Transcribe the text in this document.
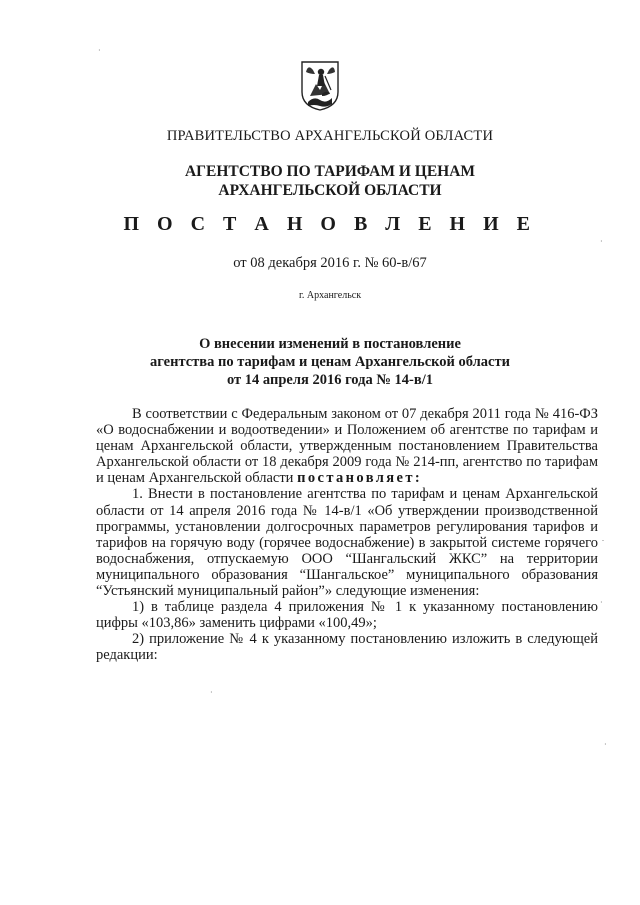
ПРАВИТЕЛЬСТВО АРХАНГЕЛЬСКОЙ ОБЛАСТИ
АГЕНТСТВО ПО ТАРИФАМ И ЦЕНАМ
АРХАНГЕЛЬСКОЙ ОБЛАСТИ
П О С Т А Н О В Л Е Н И Е
от 08 декабря 2016 г. № 60-в/67
г. Архангельск
О внесении изменений в постановление
агентства по тарифам и ценам Архангельской области
от 14 апреля 2016 года № 14-в/1

В соответствии с Федеральным законом от 07 декабря 2011 года № 416-ФЗ «О водоснабжении и водоотведении» и Положением об агентстве по тарифам и ценам Архангельской области, утвержденным постановлением Правительства Архангельской области от 18 декабря 2009 года № 214-пп, агентство по тарифам и ценам Архангельской области постановляет:

1. Внести в постановление агентства по тарифам и ценам Архангельской области от 14 апреля 2016 года № 14-в/1 «Об утверждении производственной программы, установлении долгосрочных параметров регулирования тарифов и тарифов на горячую воду (горячее водоснабжение) в закрытой системе горячего водоснабжения, отпускаемую ООО “Шангальский ЖКС” на территории муниципального образования “Шангальское” муниципального образования “Устьянский муниципальный район”» следующие изменения:

1) в таблице раздела 4 приложения № 1 к указанному постановлению цифры «103,86» заменить цифрами «100,49»;

2) приложение № 4 к указанному постановлению изложить в следующей редакции:

·
·
.
·
·
·
